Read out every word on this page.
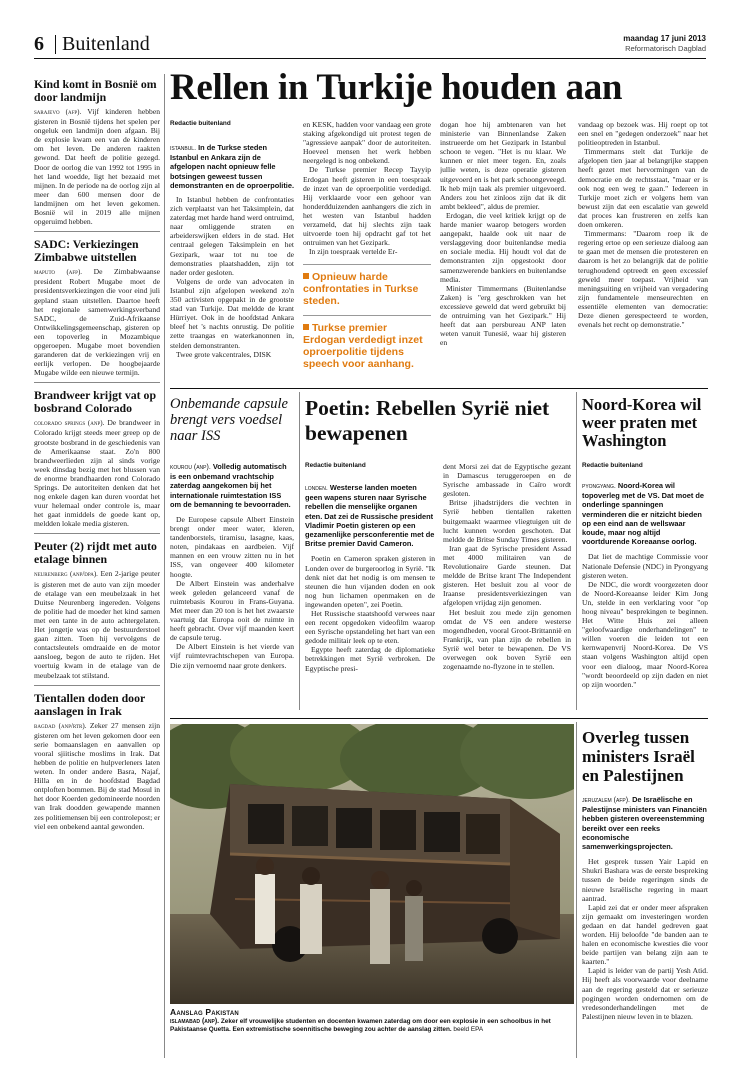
6 Buitenland	maandag 17 juni 2013
Reformatorisch Dagblad
Kind komt in Bosnië om door landmijn
sarajevo (afp). Vijf kinderen hebben gisteren in Bosnië tijdens het spelen per ongeluk een landmijn doen afgaan. Bij de explosie kwam een van de kinderen om het leven. De anderen raakten gewond. Dat heeft de politie gezegd. Door de oorlog die van 1992 tot 1995 in het land woedde, ligt het bezaaid met mijnen. In de periode na de oorlog zijn al meer dan 600 mensen door de landmijnen om het leven gekomen. Bosnië wil in 2019 alle mijnen opgeruimd hebben.
SADC: Verkiezingen Zimbabwe uitstellen
maputo (afp). De Zimbabwaanse president Robert Mugabe moet de presidentsverkiezingen die voor eind juli gepland staan uitstellen. Daartoe heeft het regionale samenwerkingsverband SADC, de Zuid-Afrikaanse Ontwikkelingsgemeenschap, gisteren op een topoverleg in Mozambique opgeroepen. Mugabe moet bovendien garanderen dat de verkiezingen vrij en eerlijk verlopen. De hoogbejaarde Mugabe wilde een nieuwe termijn.
Brandweer krijgt vat op bosbrand Colorado
colorado springs (anp). De brandweer in Colorado krijgt steeds meer greep op de grootste bosbrand in de geschiedenis van de Amerikaanse staat. Zo'n 800 brandweerlieden zijn al sinds vorige week dinsdag bezig met het blussen van de enorme brandhaarden rond Colorado Springs. De autoriteiten denken dat het nog enkele dagen kan duren voordat het vuur helemaal onder controle is, maar het gaat inmiddels de goede kant op, meldden lokale media gisteren.
Peuter (2) rijdt met auto etalage binnen
neurenberg (anp/dpa). Een 2-jarige peuter is gisteren met de auto van zijn moeder de etalage van een meubelzaak in het Duitse Neurenberg ingereden. Volgens de politie had de moeder het kind samen met een tante in de auto achtergelaten. Het jongetje was op de bestuurderstoel gaan zitten. Toen hij vervolgens de contactsleutels omdraaide en de motor aansloeg, begon de auto te rijden. Het voertuig kwam in de etalage van de meubelzaak tot stilstand.
Tientallen doden door aanslagen in Irak
bagdad (anp/rtr). Zeker 27 mensen zijn gisteren om het leven gekomen door een serie bomaanslagen en aanvallen op vooral sjiitische moslims in Irak. Dat hebben de politie en hulpverleners laten weten. In onder andere Basra, Najaf, Hilla en in de hoofdstad Bagdad ontploften bommen. Bij de stad Mosul in het door Koerden gedomineerde noorden van Irak doodden gewapende mannen zes politiemensen bij een controlepost; er viel een onbekend aantal gewonden.
Rellen in Turkije houden aan
Redactie buitenland
istanbul. In de Turkse steden Istanbul en Ankara zijn de afgelopen nacht opnieuw felle botsingen geweest tussen demonstranten en de oproerpolitie.

In Istanbul hebben de confrontaties zich verplaatst van het Taksimplein, dat zaterdag met harde hand werd ontruimd, naar omliggende straten en arbeiderswijken elders in de stad. Het centraal gelegen Taksimplein en het Gezipark, waar tot nu toe de demonstraties plaatshadden, zijn tot nader order gesloten.

Volgens de orde van advocaten in Istanbul zijn afgelopen weekend zo'n 350 activisten opgepakt in de grootste stad van Turkije. Dat meldde de krant Hürriyet. Ook in de hoofdstad Ankara bleef het 's nachts onrustig. De politie zette traangas en waterkanonnen in, stelden demonstranten.

Twee grote vakcentrales, DISK

en KESK, hadden voor vandaag een grote staking afgekondigd uit protest tegen de "agressieve aanpak" door de autoriteiten. Hoeveel mensen het werk hebben neergelegd is nog onbekend.

De Turkse premier Recep Tayyip Erdogan heeft gisteren in een toespraak de inzet van de oproerpolitie verdedigd. Hij verklaarde voor een gehoor van honderdduizenden aanhangers die zich in het westen van Istanbul hadden verzameld, dat hij slechts zijn taak uitvoerde toen hij opdracht gaf tot het ontruimen van het Gezipark.

In zijn toespraak vertelde Er-

Opnieuw harde confrontaties in Turkse steden.
Turkse premier Erdogan verdedigt inzet oproerpolitie tijdens speech voor aanhang.

dogan hoe hij ambtenaren van het ministerie van Binnenlandse Zaken instrueerde om het Gezipark in Istanbul schoon te vegen. "Het is nu klaar. We kunnen er niet meer tegen. En, zoals jullie weten, is deze operatie gisteren uitgevoerd en is het park schoongeveegd. Ik heb mijn taak als premier uitgevoerd. Anders zou het zinloos zijn dat ik dit ambt bekleed", aldus de premier.

Erdogan, die veel kritiek krijgt op de harde manier waarop betogers worden aangepakt, haalde ook uit naar de verslaggeving door buitenlandse media en sociale media. Hij houdt vol dat de demonstranten zijn opgestookt door samenzwerende bankiers en buitenlandse media.

Minister Timmermans (Buitenlandse Zaken) is "erg geschrokken van het excessieve geweld dat werd gebruikt bij de ontruiming van het Gezipark." Hij heeft dat aan persbureau ANP laten weten vanuit Tunesië, waar hij gisteren en

vandaag op bezoek was. Hij roept op tot een snel en "gedegen onderzoek" naar het politieoptreden in Istanbul.

Timmermans stelt dat Turkije de afgelopen tien jaar al belangrijke stappen heeft gezet met hervormingen van de democratie en de rechtsstaat, "maar er is ook nog een weg te gaan." Iedereen in Turkije moet zich er volgens hem van bewust zijn dat een escalatie van geweld dat proces kan frustreren en zelfs kan doen omkeren.

Timmermans: "Daarom roep ik de regering ertoe op een serieuze dialoog aan te gaan met de mensen die protesteren en daarom is het zo belangrijk dat de politie terughoudend optreedt en geen excessief geweld meer toepast. Vrijheid van meningsuiting en vrijheid van vergadering zijn fundamentele menseurechten en essentiële elementen van democratie: Deze dienen gerespecteerd te worden, evenals het recht op demonstratie."

Onbemande capsule brengt vers voedsel naar ISS
kourou (anp). Volledig automatisch is een onbemand vrachtschip zaterdag aangekomen bij het internationale ruimtestation ISS om de bemanning te bevoorraden.

De Europese capsule Albert Einstein brengt onder meer water, kleren, tandenborstels, tiramisu, lasagne, kaas, noten, pindakaas en aardbeien. Vijf mannen en een vrouw zitten nu in het ISS, van ongeveer 400 kilometer hoogte.

De Albert Einstein was anderhalve week geleden gelanceerd vanaf de ruimtebasis Kourou in Frans-Guyana. Met meer dan 20 ton is het het zwaarste vaartuig dat Europa ooit de ruimte in heeft gebracht. Over vijf maanden keert de capsule terug.

De Albert Einstein is het vierde van vijf ruimtevrachtschepen van Europa. Die zijn vernoemd naar grote denkers.

Poetin: Rebellen Syrië niet bewapenen
Redactie buitenland
londen. Westerse landen moeten geen wapens sturen naar Syrische rebellen die menselijke organen eten. Dat zei de Russische president Vladimir Poetin gisteren op een gezamenlijke persconferentie met de Britse premier David Cameron.

Poetin en Cameron spraken gisteren in Londen over de burgeroorlog in Syrië. "Ik denk niet dat het nodig is om mensen te steunen die hun vijanden doden en ook nog hun lichamen openmaken en de ingewanden opeten", zei Poetin.

Het Russische staatshoofd verwees naar een recent opgedoken videofilm waarop een Syrische opstandeling het hart van een gedode militair leek op te eten.

Egypte heeft zaterdag de diplomatieke betrekkingen met Syrië verbroken. De Egyptische presi-

dent Morsi zei dat de Egyptische gezant in Damascus teruggeroepen en de Syrische ambassade in Caïro wordt gesloten.

Britse jihadstrijders die vechten in Syrië hebben tientallen raketten buitgemaakt waarmee vliegtuigen uit de lucht kunnen worden geschoten. Dat meldde de Britse Sunday Times gisteren.

Iran gaat de Syrische president Assad met 4000 militairen van de Revolutionaire Garde steunen. Dat meldde de Britse krant The Independent gisteren. Het besluit zou al voor de Iraanse presidentsverkiezingen van afgelopen vrijdag zijn genomen.

Het besluit zou mede zijn genomen omdat de VS een andere westerse mogendheden, vooral Groot-Brittannië en Frankrijk, van plan zijn de rebellen in Syrië wel beter te bewapenen. De VS overwegen ook boven Syrië een zogenaamde no-flyzone in te stellen.

Noord-Korea wil weer praten met Washington
Redactie buitenland
pyongyang. Noord-Korea wil topoverleg met de VS. Dat moet de onderlinge spanningen verminderen die er nitzicht bieden op een eind aan de wellswaar koude, maar nog altijd voortdurende Koreaanse oorlog.

Dat liet de machtige Commissie voor Nationale Defensie (NDC) in Pyongyang gisteren weten.

De NDC, die wordt voorgezeten door de Noord-Koreaanse leider Kim Jong Un, stelde in een verklaring voor "op hoog niveau" besprekingen te beginnen. Het Witte Huis zei alleen "geloofwaardige onderhandelingen" te willen voeren die leiden tot een kernwapenvrij Noord-Korea. De VS staan volgens Washington altijd open voor een dialoog, maar Noord-Korea "wordt beoordeeld op zijn daden en niet op zijn woorden."

Aanslag Pakistan
islamabad (anp). Zeker elf vrouwelijke studenten en docenten kwamen zaterdag om door een explosie in een schoolbus in het Pakistaanse Quetta. Een extremistische soennitische beweging zou achter de aanslag zitten. beeld EPA
Overleg tussen ministers Israël en Palestijnen
jeruzalem (afp). De Israëlische en Palestijnse ministers van Financiën hebben gisteren overeenstemming bereikt over een reeks economische samenwerkingsprojecten.

Het gesprek tussen Yair Lapid en Shukri Bashara was de eerste bespreking tussen de beide regeringen sinds de nieuwe Israëlische regering in maart aantrad.

Lapid zei dat er onder meer afspraken zijn gemaakt om investeringen worden gedaan en dat handel gedreven gaat worden. Hij beloofde "de banden aan te halen en economische kwesties die voor beide partijen van belang zijn aan te kaarten."

Lapid is leider van de partij Yesh Atid. Hij heeft als voorwaarde voor deelname aan de regering gesteld dat er serieuze pogingen worden ondernomen om de vredesonderhandelingen met de Palestijnen nieuw leven in te blazen.
